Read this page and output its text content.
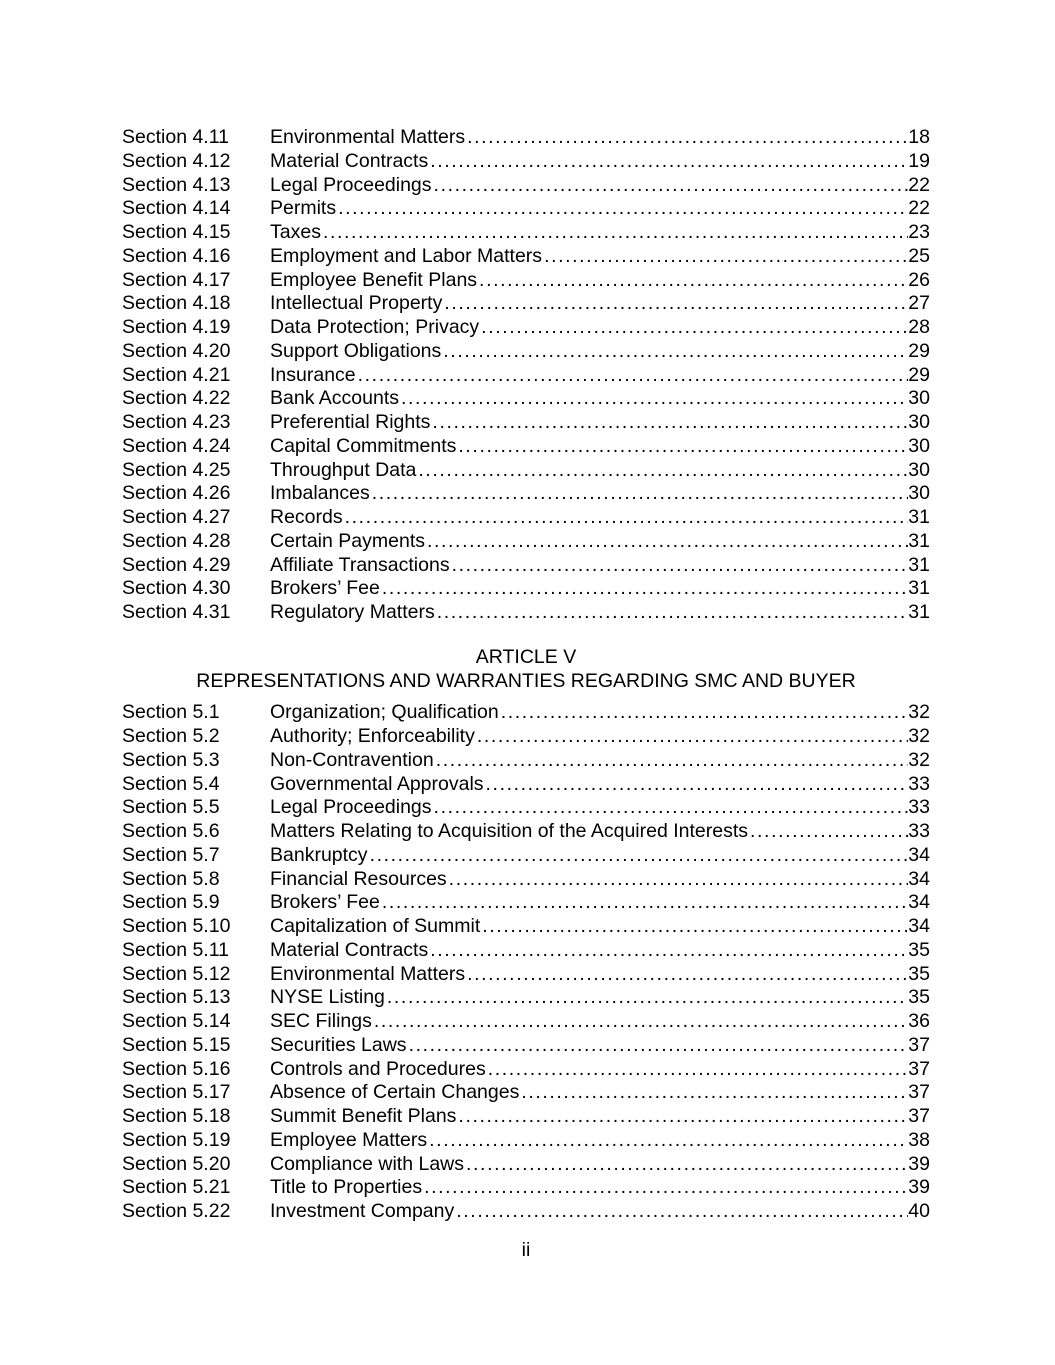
Section 4.11	Environmental Matters .....	18
Section 4.12	Material Contracts .....	19
Section 4.13	Legal Proceedings .....	22
Section 4.14	Permits .....	22
Section 4.15	Taxes .....	23
Section 4.16	Employment and Labor Matters .....	25
Section 4.17	Employee Benefit Plans .....	26
Section 4.18	Intellectual Property .....	27
Section 4.19	Data Protection; Privacy .....	28
Section 4.20	Support Obligations .....	29
Section 4.21	Insurance .....	29
Section 4.22	Bank Accounts .....	30
Section 4.23	Preferential Rights .....	30
Section 4.24	Capital Commitments .....	30
Section 4.25	Throughput Data .....	30
Section 4.26	Imbalances .....	30
Section 4.27	Records .....	31
Section 4.28	Certain Payments .....	31
Section 4.29	Affiliate Transactions .....	31
Section 4.30	Brokers’ Fee .....	31
Section 4.31	Regulatory Matters .....	31
ARTICLE V
REPRESENTATIONS AND WARRANTIES REGARDING SMC AND BUYER
Section 5.1	Organization; Qualification .....	32
Section 5.2	Authority; Enforceability .....	32
Section 5.3	Non-Contravention .....	32
Section 5.4	Governmental Approvals .....	33
Section 5.5	Legal Proceedings .....	33
Section 5.6	Matters Relating to Acquisition of the Acquired Interests .....	33
Section 5.7	Bankruptcy .....	34
Section 5.8	Financial Resources .....	34
Section 5.9	Brokers’ Fee .....	34
Section 5.10	Capitalization of Summit .....	34
Section 5.11	Material Contracts .....	35
Section 5.12	Environmental Matters .....	35
Section 5.13	NYSE Listing .....	35
Section 5.14	SEC Filings .....	36
Section 5.15	Securities Laws .....	37
Section 5.16	Controls and Procedures .....	37
Section 5.17	Absence of Certain Changes .....	37
Section 5.18	Summit Benefit Plans .....	37
Section 5.19	Employee Matters .....	38
Section 5.20	Compliance with Laws .....	39
Section 5.21	Title to Properties .....	39
Section 5.22	Investment Company .....	40
ii
